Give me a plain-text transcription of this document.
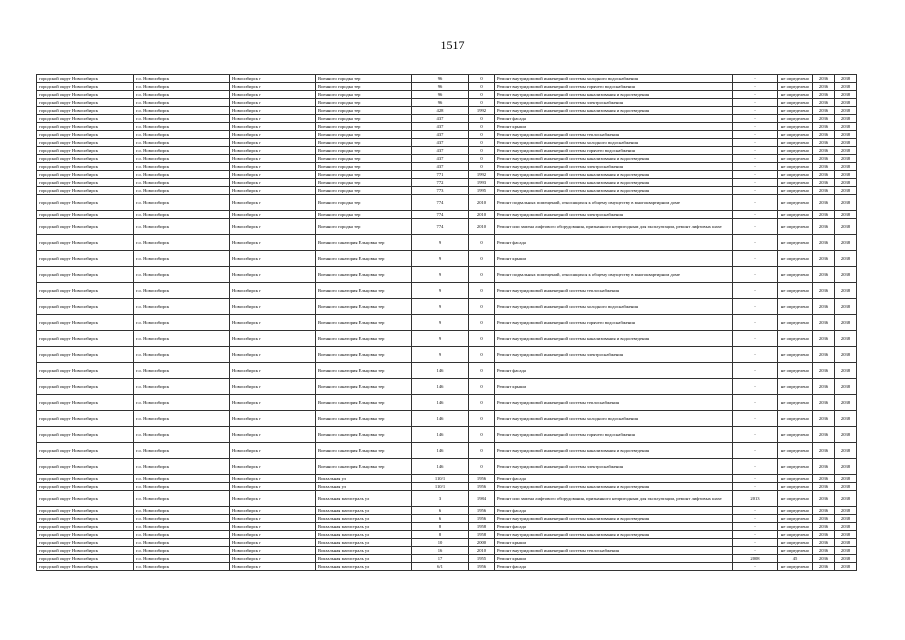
1517
городской округ Новосибирск	г.о. Новосибирск	Новосибирск г	Военного городка тер	96	0	Ремонт внутридомовой инженерной системы холодного водоснабжения	-	не определено	2036	2038
городской округ Новосибирск	г.о. Новосибирск	Новосибирск г	Военного городка тер	96	0	Ремонт внутридомовой инженерной системы горячего водоснабжения	-	не определено	2036	2038
городской округ Новосибирск	г.о. Новосибирск	Новосибирск г	Военного городка тер	96	0	Ремонт внутридомовой инженерной системы канализования и водоотведения	-	не определено	2036	2038
городской округ Новосибирск	г.о. Новосибирск	Новосибирск г	Военного городка тер	96	0	Ремонт внутридомовой инженерной системы электроснабжения	-	не определено	2036	2038
городской округ Новосибирск	г.о. Новосибирск	Новосибирск г	Военного городка тер	428	1992	Ремонт внутридомовой инженерной системы канализования и водоотведения	-	не определено	2036	2038
городской округ Новосибирск	г.о. Новосибирск	Новосибирск г	Военного городка тер	437	0	Ремонт фасада	-	не определено	2036	2038
городской округ Новосибирск	г.о. Новосибирск	Новосибирск г	Военного городка тер	437	0	Ремонт крыши	-	не определено	2036	2038
городской округ Новосибирск	г.о. Новосибирск	Новосибирск г	Военного городка тер	437	0	Ремонт внутридомовой инженерной системы теплоснабжения	-	не определено	2036	2038
городской округ Новосибирск	г.о. Новосибирск	Новосибирск г	Военного городка тер	437	0	Ремонт внутридомовой инженерной системы холодного водоснабжения	-	не определено	2036	2038
городской округ Новосибирск	г.о. Новосибирск	Новосибирск г	Военного городка тер	437	0	Ремонт внутридомовой инженерной системы горячего водоснабжения	-	не определено	2036	2038
городской округ Новосибирск	г.о. Новосибирск	Новосибирск г	Военного городка тер	437	0	Ремонт внутридомовой инженерной системы канализования и водоотведения	-	не определено	2036	2038
городской округ Новосибирск	г.о. Новосибирск	Новосибирск г	Военного городка тер	437	0	Ремонт внутридомовой инженерной системы электроснабжения	-	не определено	2036	2038
городской округ Новосибирск	г.о. Новосибирск	Новосибирск г	Военного городка тер	771	1992	Ремонт внутридомовой инженерной системы канализования и водоотведения	-	не определено	2036	2038
городской округ Новосибирск	г.о. Новосибирск	Новосибирск г	Военного городка тер	772	1993	Ремонт внутридомовой инженерной системы канализования и водоотведения	-	не определено	2036	2038
городской округ Новосибирск	г.о. Новосибирск	Новосибирск г	Военного городка тер	773	1995	Ремонт внутридомовой инженерной системы канализования и водоотведения	-	не определено	2036	2038
городской округ Новосибирск	г.о. Новосибирск	Новосибирск г	Военного городка тер	774	2010	Ремонт подвальных помещений, относящихся к общему имуществу в многоквартирном доме	-	не определено	2036	2038
городской округ Новосибирск	г.о. Новосибирск	Новосибирск г	Военного городка тер	774	2010	Ремонт внутридомовой инженерной системы электроснабжения	-	не определено	2036	2038
городской округ Новосибирск	г.о. Новосибирск	Новосибирск г	Военного городка тер	774	2010	Ремонт или замена лифтового оборудования, признанного непригодным для эксплуатации, ремонт лифтовых шахт	-	не определено	2036	2038
городской округ Новосибирск	г.о. Новосибирск	Новосибирск г	Военного санатория Ельцовка тер	9	0	Ремонт фасада	-	не определено	2036	2038
городской округ Новосибирск	г.о. Новосибирск	Новосибирск г	Военного санатория Ельцовка тер	9	0	Ремонт крыши	-	не определено	2036	2038
городской округ Новосибирск	г.о. Новосибирск	Новосибирск г	Военного санатория Ельцовка тер	9	0	Ремонт подвальных помещений, относящихся к общему имуществу в многоквартирном доме	-	не определено	2036	2038
городской округ Новосибирск	г.о. Новосибирск	Новосибирск г	Военного санатория Ельцовка тер	9	0	Ремонт внутридомовой инженерной системы теплоснабжения	-	не определено	2036	2038
городской округ Новосибирск	г.о. Новосибирск	Новосибирск г	Военного санатория Ельцовка тер	9	0	Ремонт внутридомовой инженерной системы холодного водоснабжения	-	не определено	2036	2038
городской округ Новосибирск	г.о. Новосибирск	Новосибирск г	Военного санатория Ельцовка тер	9	0	Ремонт внутридомовой инженерной системы горячего водоснабжения	-	не определено	2036	2038
городской округ Новосибирск	г.о. Новосибирск	Новосибирск г	Военного санатория Ельцовка тер	9	0	Ремонт внутридомовой инженерной системы канализования и водоотведения	-	не определено	2036	2038
городской округ Новосибирск	г.о. Новосибирск	Новосибирск г	Военного санатория Ельцовка тер	9	0	Ремонт внутридомовой инженерной системы электроснабжения	-	не определено	2036	2038
городской округ Новосибирск	г.о. Новосибирск	Новосибирск г	Военного санатория Ельцовка тер	146	0	Ремонт фасада	-	не определено	2036	2038
городской округ Новосибирск	г.о. Новосибирск	Новосибирск г	Военного санатория Ельцовка тер	146	0	Ремонт крыши	-	не определено	2036	2038
городской округ Новосибирск	г.о. Новосибирск	Новосибирск г	Военного санатория Ельцовка тер	146	0	Ремонт внутридомовой инженерной системы теплоснабжения	-	не определено	2036	2038
городской округ Новосибирск	г.о. Новосибирск	Новосибирск г	Военного санатория Ельцовка тер	146	0	Ремонт внутридомовой инженерной системы холодного водоснабжения	-	не определено	2036	2038
городской округ Новосибирск	г.о. Новосибирск	Новосибирск г	Военного санатория Ельцовка тер	146	0	Ремонт внутридомовой инженерной системы горячего водоснабжения	-	не определено	2036	2038
городской округ Новосибирск	г.о. Новосибирск	Новосибирск г	Военного санатория Ельцовка тер	146	0	Ремонт внутридомовой инженерной системы канализования и водоотведения	-	не определено	2036	2038
городской округ Новосибирск	г.о. Новосибирск	Новосибирск г	Военного санатория Ельцовка тер	146	0	Ремонт внутридомовой инженерной системы электроснабжения	-	не определено	2036	2038
городской округ Новосибирск	г.о. Новосибирск	Новосибирск г	Вокзальная ул	110/1	1956	Ремонт фасада	-	не определено	2036	2038
городской округ Новосибирск	г.о. Новосибирск	Новосибирск г	Вокзальная ул	110/1	1956	Ремонт внутридомовой инженерной системы канализования и водоотведения	-	не определено	2036	2038
городской округ Новосибирск	г.о. Новосибирск	Новосибирск г	Вокзальная магистраль ул	3	1984	Ремонт или замена лифтового оборудования, признанного непригодным для эксплуатации, ремонт лифтовых шахт	2013	не определено	2036	2038
городской округ Новосибирск	г.о. Новосибирск	Новосибирск г	Вокзальная магистраль ул	6	1956	Ремонт фасада	-	не определено	2036	2038
городской округ Новосибирск	г.о. Новосибирск	Новосибирск г	Вокзальная магистраль ул	6	1956	Ремонт внутридомовой инженерной системы канализования и водоотведения	-	не определено	2036	2038
городской округ Новосибирск	г.о. Новосибирск	Новосибирск г	Вокзальная магистраль ул	8	1958	Ремонт фасада	-	не определено	2036	2038
городской округ Новосибирск	г.о. Новосибирск	Новосибирск г	Вокзальная магистраль ул	8	1958	Ремонт внутридомовой инженерной системы канализования и водоотведения	-	не определено	2036	2038
городской округ Новосибирск	г.о. Новосибирск	Новосибирск г	Вокзальная магистраль ул	10	2000	Ремонт крыши	-	не определено	2036	2038
городской округ Новосибирск	г.о. Новосибирск	Новосибирск г	Вокзальная магистраль ул	16	2010	Ремонт внутридомовой инженерной системы теплоснабжения	-	не определено	2036	2038
городской округ Новосибирск	г.о. Новосибирск	Новосибирск г	Вокзальная магистраль ул	17	1955	Ремонт крыши	2008	45	2036	2038
городской округ Новосибирск	г.о. Новосибирск	Новосибирск г	Вокзальная магистраль ул	6/1	1956	Ремонт фасада	-	не определено	2036	2038
